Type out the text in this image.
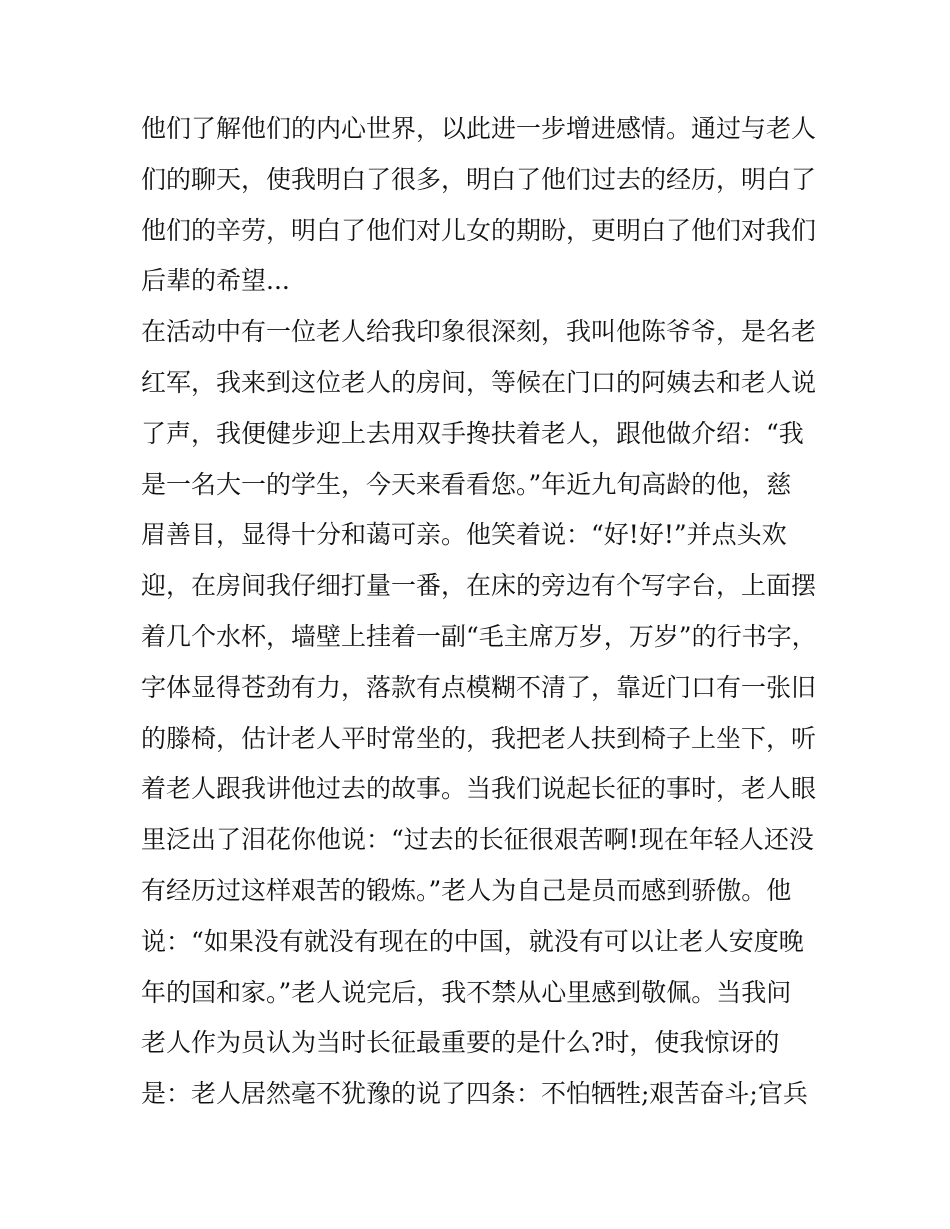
他们了解他们的内心世界，以此进一步增进感情。通过与老人
们的聊天，使我明白了很多，明白了他们过去的经历，明白了
他们的辛劳，明白了他们对儿女的期盼，更明白了他们对我们
后辈的希望...
在活动中有一位老人给我印象很深刻，我叫他陈爷爷，是名老
红军，我来到这位老人的房间，等候在门口的阿姨去和老人说
了声，我便健步迎上去用双手搀扶着老人，跟他做介绍：“我
是一名大一的学生，今天来看看您。”年近九旬高龄的他，慈
眉善目，显得十分和蔼可亲。他笑着说：“好!好!”并点头欢
迎，在房间我仔细打量一番，在床的旁边有个写字台，上面摆
着几个水杯，墙壁上挂着一副“毛主席万岁，万岁”的行书字，
字体显得苍劲有力，落款有点模糊不清了，靠近门口有一张旧
的滕椅，估计老人平时常坐的，我把老人扶到椅子上坐下，听
着老人跟我讲他过去的故事。当我们说起长征的事时，老人眼
里泛出了泪花你他说：“过去的长征很艰苦啊!现在年轻人还没
有经历过这样艰苦的锻炼。”老人为自己是员而感到骄傲。他
说：“如果没有就没有现在的中国，就没有可以让老人安度晚
年的国和家。”老人说完后，我不禁从心里感到敬佩。当我问
老人作为员认为当时长征最重要的是什么?时，使我惊讶的
是：老人居然毫不犹豫的说了四条：不怕牺牲;艰苦奋斗;官兵
